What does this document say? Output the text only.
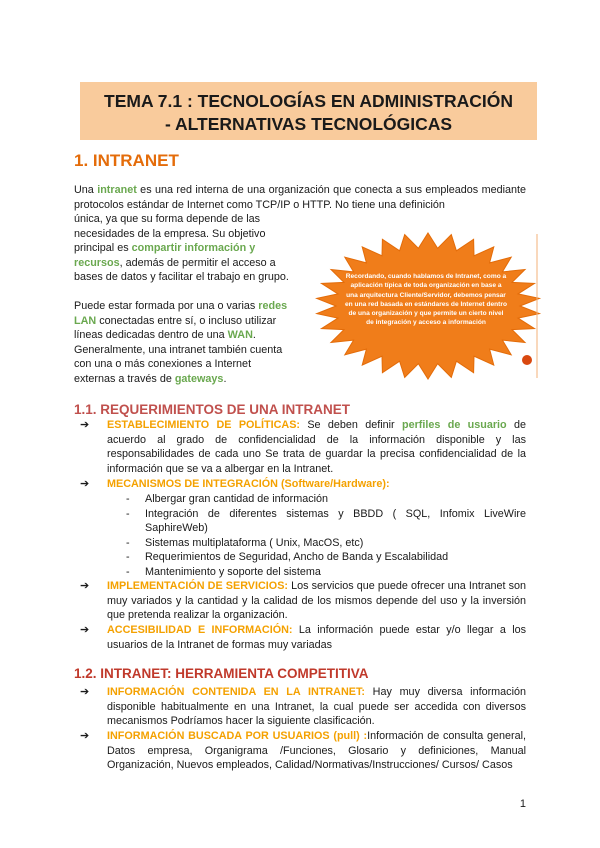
TEMA 7.1 : TECNOLOGÍAS EN ADMINISTRACIÓN
- ALTERNATIVAS TECNOLÓGICAS
1. INTRANET
Una intranet es una red interna de una organización que conecta a sus empleados mediante protocolos estándar de Internet como TCP/IP o HTTP. No tiene una definición
única, ya que su forma depende de las
necesidades de la empresa. Su objetivo
principal es compartir información y
recursos, además de permitir el acceso a
bases de datos y facilitar el trabajo en grupo.
Puede estar formada por una o varias redes
LAN conectadas entre sí, o incluso utilizar
líneas dedicadas dentro de una WAN.
Generalmente, una intranet también cuenta
con una o más conexiones a Internet
externas a través de gateways.
Recordando, cuando hablamos de Intranet, como a aplicación típica de toda organización en base a una arquitectura Cliente/Servidor, debemos pensar en una red basada en estándares de Internet dentro de una organización y que permite un cierto nivel de integración y acceso a información
1.1. REQUERIMIENTOS DE UNA INTRANET
➔	ESTABLECIMIENTO DE POLÍTICAS: Se deben definir perfiles de usuario de acuerdo al grado de confidencialidad de la información disponible y las responsabilidades de cada uno Se trata de guardar la precisa confidencialidad de la información que se va a albergar en la Intranet.
➔	MECANISMOS DE INTEGRACIÓN (Software/Hardware):
- Albergar gran cantidad de información
- Integración de diferentes sistemas y BBDD ( SQL, Infomix LiveWire SaphireWeb)
- Sistemas multiplataforma ( Unix, MacOS, etc)
- Requerimientos de Seguridad, Ancho de Banda y Escalabilidad
- Mantenimiento y soporte del sistema
➔	IMPLEMENTACIÓN DE SERVICIOS: Los servicios que puede ofrecer una Intranet son muy variados y la cantidad y la calidad de los mismos depende del uso y la inversión que pretenda realizar la organización.
➔	ACCESIBILIDAD E INFORMACIÓN: La información puede estar y/o llegar a los usuarios de la Intranet de formas muy variadas
1.2. INTRANET: HERRAMIENTA COMPETITIVA
➔	INFORMACIÓN CONTENIDA EN LA INTRANET: Hay muy diversa información disponible habitualmente en una Intranet, la cual puede ser accedida con diversos mecanismos Podríamos hacer la siguiente clasificación.
➔	INFORMACIÓN BUSCADA POR USUARIOS (pull) :Información de consulta general, Datos empresa, Organigrama /Funciones, Glosario y definiciones, Manual Organización, Nuevos empleados, Calidad/Normativas/Instrucciones/ Cursos/ Casos
1
